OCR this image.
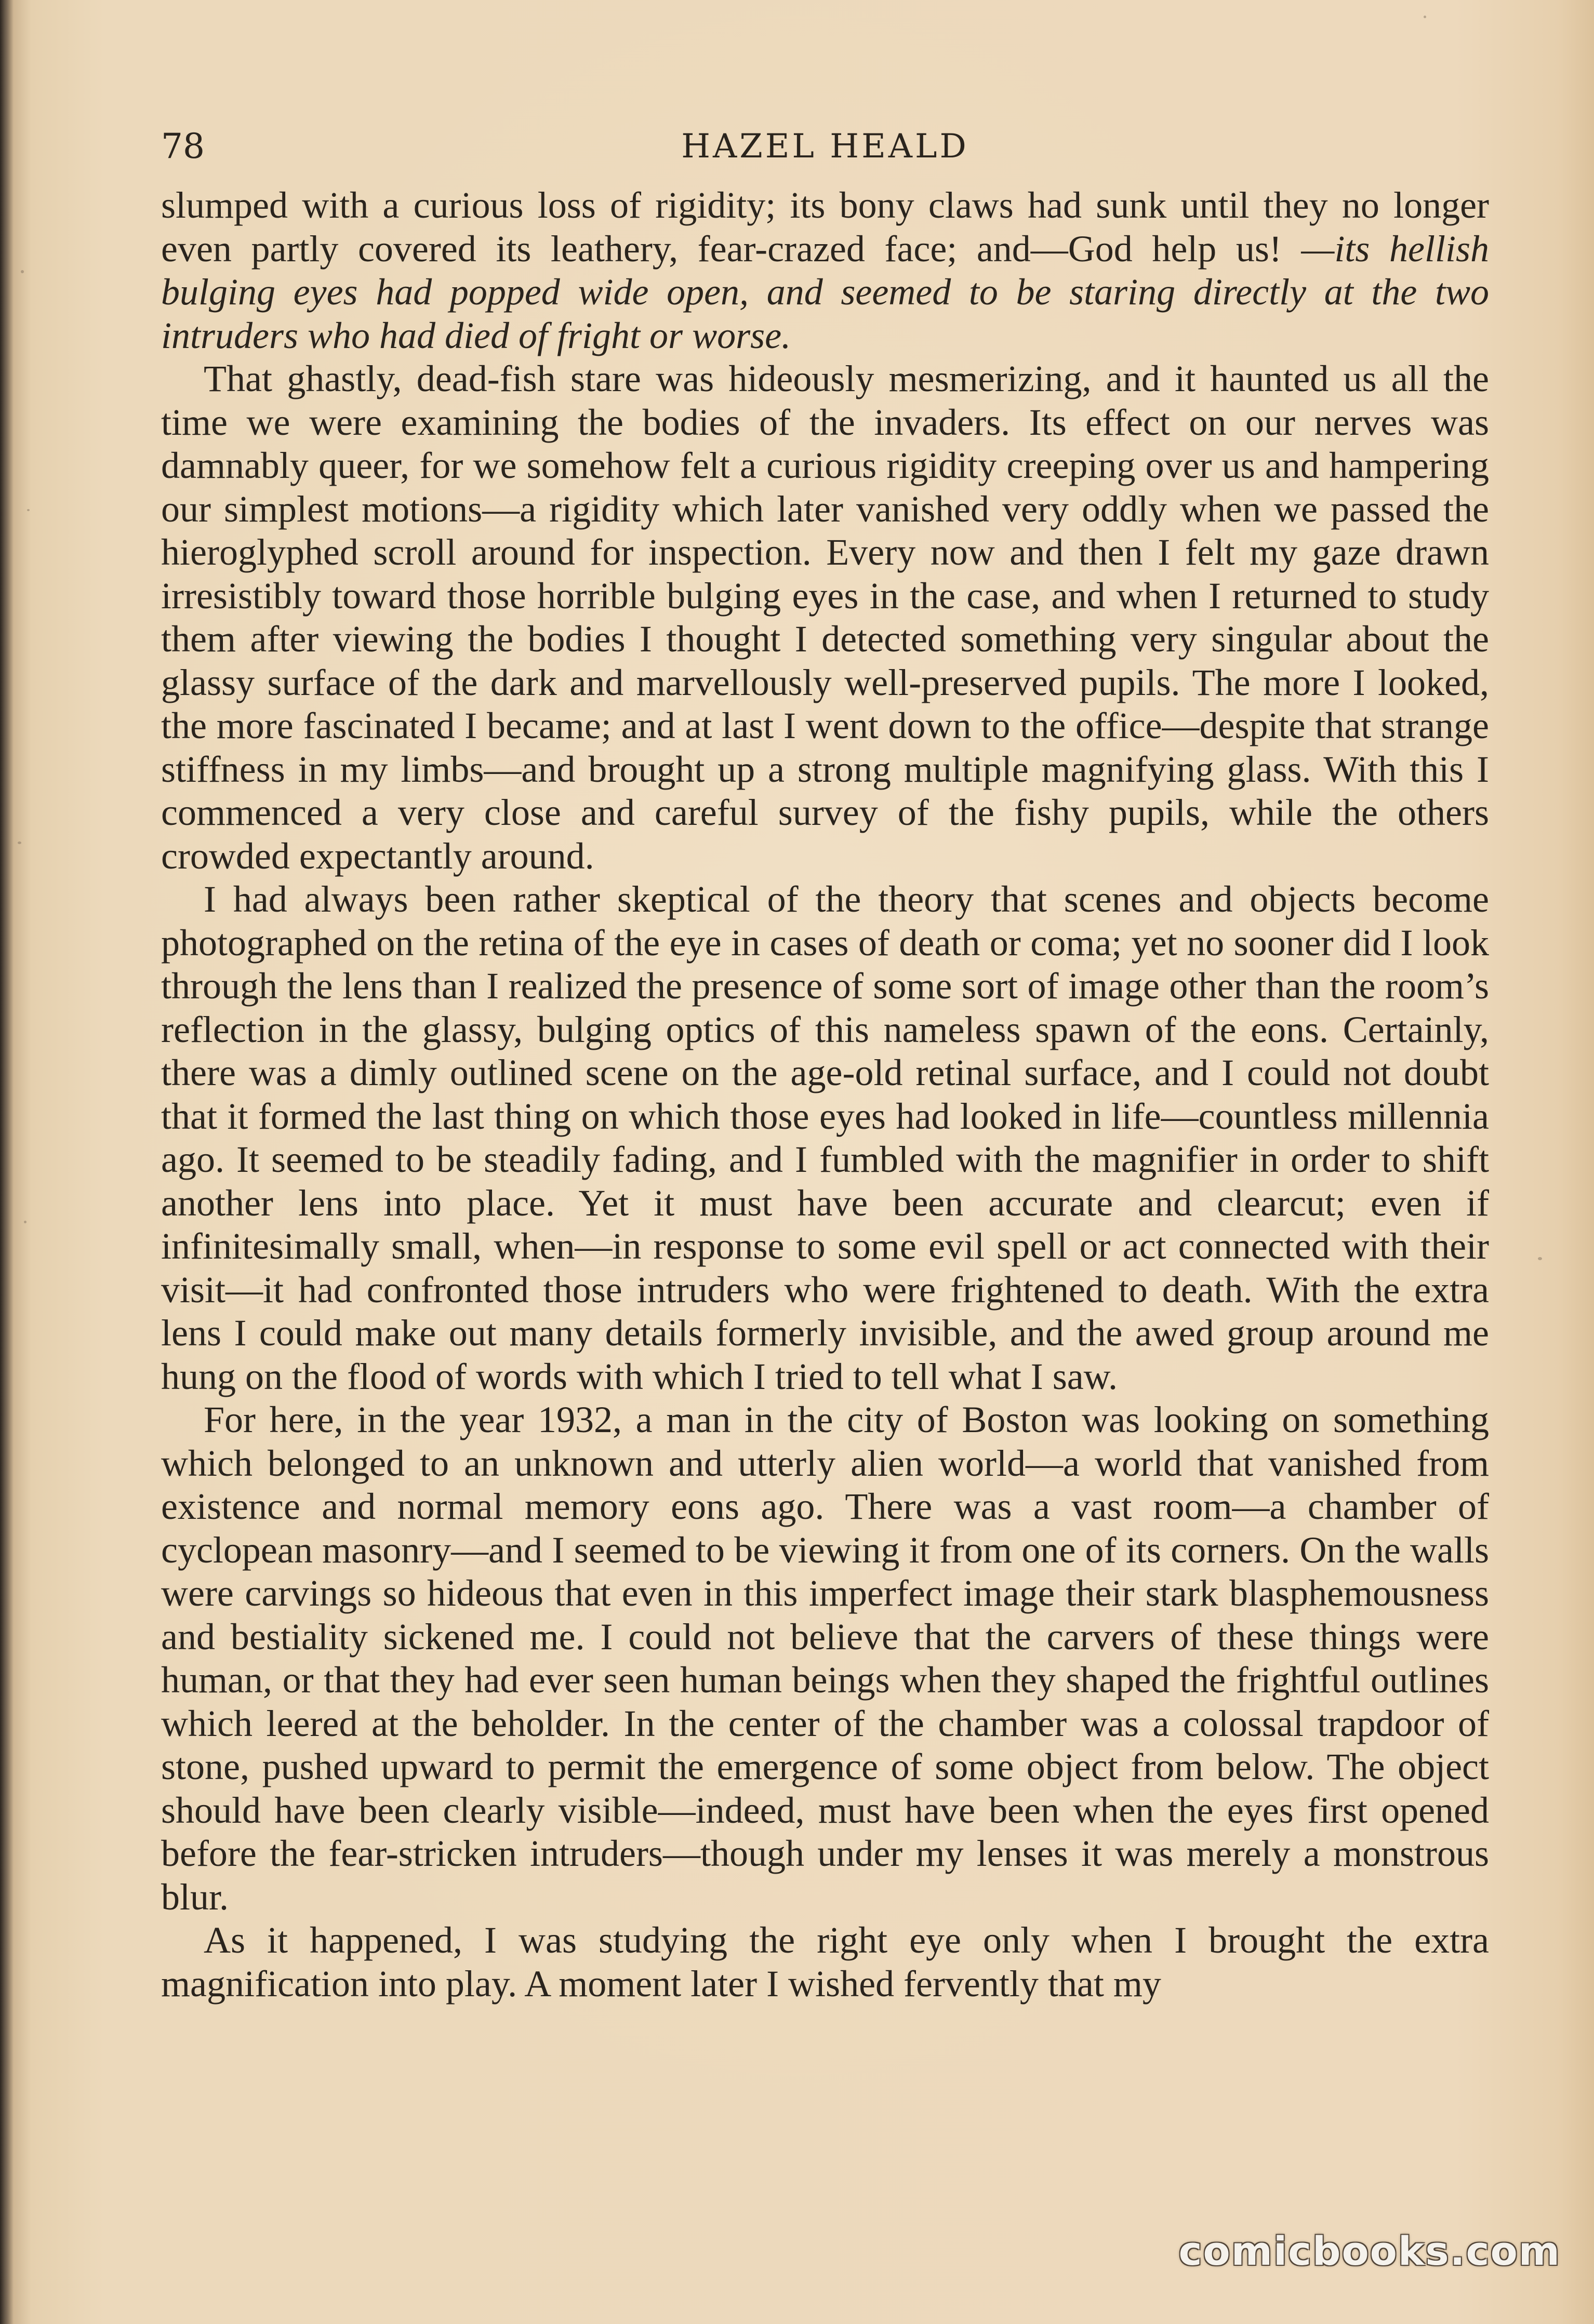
78	HAZEL HEALD

slumped with a curious loss of rigidity; its bony claws had sunk until they no longer even partly covered its leathery, fear-crazed face; and—God help us! —its hellish bulging eyes had popped wide open, and seemed to be staring directly at the two intruders who had died of fright or worse.

That ghastly, dead-fish stare was hideously mesmerizing, and it haunted us all the time we were examining the bodies of the invaders. Its effect on our nerves was damnably queer, for we somehow felt a curious rigidity creeping over us and hampering our simplest motions—a rigidity which later vanished very oddly when we passed the hieroglyphed scroll around for inspection. Every now and then I felt my gaze drawn irresistibly toward those horrible bulging eyes in the case, and when I returned to study them after viewing the bodies I thought I detected something very singular about the glassy surface of the dark and marvellously well-preserved pupils. The more I looked, the more fascinated I became; and at last I went down to the office—despite that strange stiffness in my limbs—and brought up a strong multiple magnifying glass. With this I commenced a very close and careful survey of the fishy pupils, while the others crowded expectantly around.

I had always been rather skeptical of the theory that scenes and objects become photographed on the retina of the eye in cases of death or coma; yet no sooner did I look through the lens than I realized the presence of some sort of image other than the room’s reflection in the glassy, bulging optics of this nameless spawn of the eons. Certainly, there was a dimly outlined scene on the age-old retinal surface, and I could not doubt that it formed the last thing on which those eyes had looked in life—countless millennia ago. It seemed to be steadily fading, and I fumbled with the magnifier in order to shift another lens into place. Yet it must have been accurate and clearcut; even if infinitesimally small, when—in response to some evil spell or act connected with their visit—it had confronted those intruders who were frightened to death. With the extra lens I could make out many details formerly invisible, and the awed group around me hung on the flood of words with which I tried to tell what I saw.

For here, in the year 1932, a man in the city of Boston was looking on something which belonged to an unknown and utterly alien world—a world that vanished from existence and normal memory eons ago. There was a vast room—a chamber of cyclopean masonry—and I seemed to be viewing it from one of its corners. On the walls were carvings so hideous that even in this imperfect image their stark blasphemousness and bestiality sickened me. I could not believe that the carvers of these things were human, or that they had ever seen human beings when they shaped the frightful outlines which leered at the beholder. In the center of the chamber was a colossal trapdoor of stone, pushed upward to permit the emergence of some object from below. The object should have been clearly visible—indeed, must have been when the eyes first opened before the fear-stricken intruders—though under my lenses it was merely a monstrous blur.

As it happened, I was studying the right eye only when I brought the extra magnification into play. A moment later I wished fervently that my

comicbooks.com
